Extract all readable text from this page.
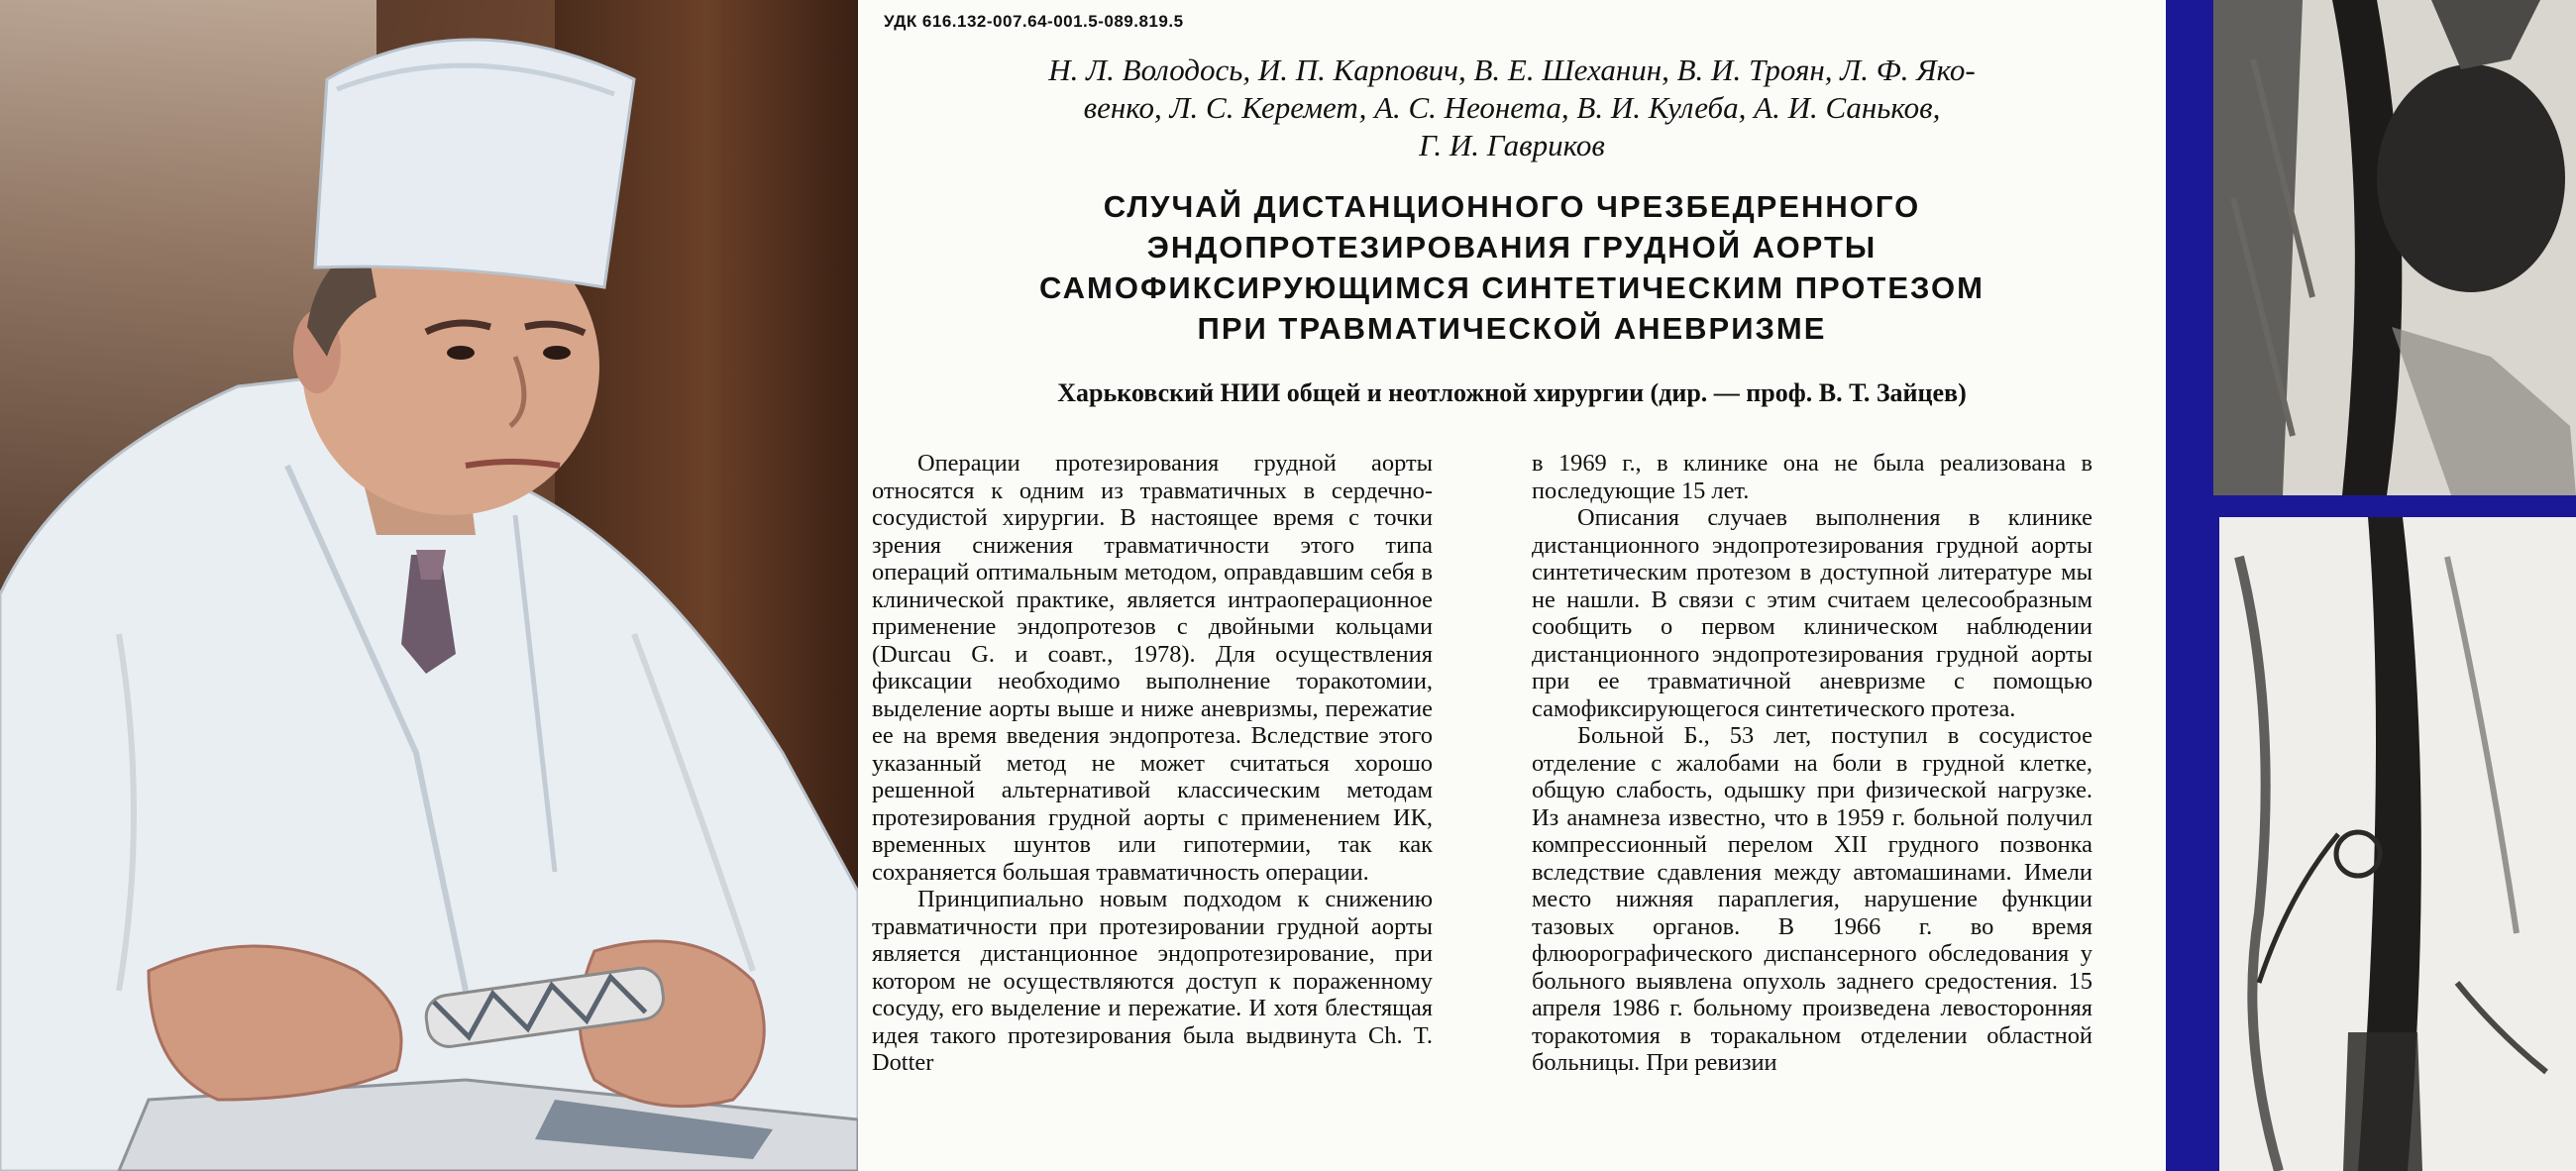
УДК 616.132-007.64-001.5-089.819.5
Н. Л. Володось, И. П. Карпович, В. Е. Шеханин, В. И. Троян, Л. Ф. Яко-
венко, Л. С. Керемет, А. С. Неонета, В. И. Кулеба, А. И. Саньков,
Г. И. Гавриков
СЛУЧАЙ ДИСТАНЦИОННОГО ЧРЕЗБЕДРЕННОГО
ЭНДОПРОТЕЗИРОВАНИЯ ГРУДНОЙ АОРТЫ
САМОФИКСИРУЮЩИМСЯ СИНТЕТИЧЕСКИМ ПРОТЕЗОМ
ПРИ ТРАВМАТИЧЕСКОЙ АНЕВРИЗМЕ
Харьковский НИИ общей и неотложной хирургии (дир. — проф. В. Т. Зайцев)

Операции протезирования грудной аорты относятся к одним из травматичных в сердечно-сосудистой хирургии. В настоящее время с точки зрения снижения травматичности этого типа операций оптимальным методом, оправдавшим себя в клинической практике, является интраоперационное применение эндопротезов с двойными кольцами (Durcau G. и соавт., 1978). Для осуществления фиксации необходимо выполнение торакотомии, выделение аорты выше и ниже аневризмы, пережатие ее на время введения эндопротеза. Вследствие этого указанный метод не может считаться хорошо решенной альтернативой классическим методам протезирования грудной аорты с применением ИК, временных шунтов или гипотермии, так как сохраняется большая травматичность операции.

Принципиально новым подходом к снижению травматичности при протезировании грудной аорты является дистанционное эндопротезирование, при котором не осуществляются доступ к пораженному сосуду, его выделение и пережатие. И хотя блестящая идея такого протезирования была выдвинута Ch. T. Dotter

в 1969 г., в клинике она не была реализована в последующие 15 лет.

Описания случаев выполнения в клинике дистанционного эндопротезирования грудной аорты синтетическим протезом в доступной литературе мы не нашли. В связи с этим считаем целесообразным сообщить о первом клиническом наблюдении дистанционного эндопротезирования грудной аорты при ее травматичной аневризме с помощью самофиксирующегося синтетического протеза.

Больной Б., 53 лет, поступил в сосудистое отделение с жалобами на боли в грудной клетке, общую слабость, одышку при физической нагрузке. Из анамнеза известно, что в 1959 г. больной получил компрессионный перелом XII грудного позвонка вследствие сдавления между автомашинами. Имели место нижняя параплегия, нарушение функции тазовых органов. В 1966 г. во время флюорографического диспансерного обследования у больного выявлена опухоль заднего средостения. 15 апреля 1986 г. больному произведена левосторонняя торакотомия в торакальном отделении областной больницы. При ревизии
